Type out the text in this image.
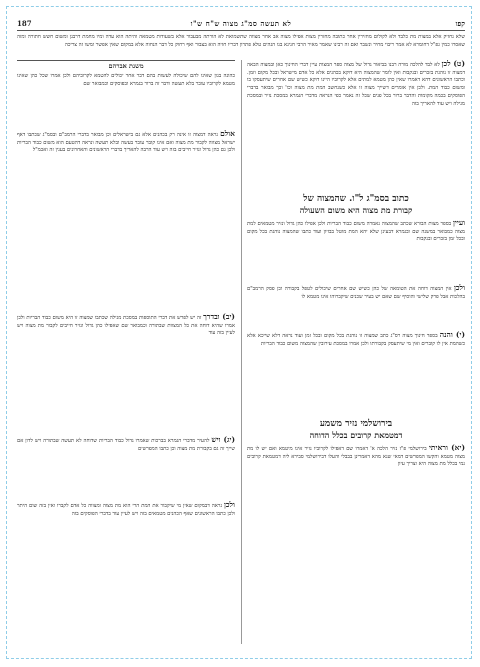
קפו
לא תעשה סמ"ג מצוה ש"ח ש"ו
187
שלא נחזיק אלא במצות מת כלבד ולא לקולום מחזירין אחר כתובה מחזרין מצות אפילו מצוה אב אחר מצווה שתשמואת לא הורתה מבעבור אלא בשעודות מטמאה והיתה הוא עדה ומיו מחמת דרבנן ומשום חשש חתורה ומזה שאסרו כמין גפ"ל דחומרא לא אמר ריבוי מחיר ונשבר ואם זה רבינו שאמר מאיר הרבי חנינא בנו הגהים טלא פתרון דבריו חזיה הוא בצבור ואף רחוק כל דבר הנחוה אלא במקום שאין אפשר ומשו זה צריכה

(ט) לכן לא לבד להלכה מורה רבנו בביאור גדול של מצוה ספר המצות עיין דברי החינוך כאן ובמצוה הבאה דמצוה זו נוהגת בזכרים ובנקבות ואין לומר שהמצוה היא דוקא בכהנים אלא כל אדם מישראל ובכל מקום וזמן. וכתבו הראשונים דהא דאמרו שאין כהן מטמא למתים אלא לקרוביו היינו דוקא כשיש שם אחרים שיתעסקו בו ומשום כבוד המת. ולכן אין אומרים דשייך מצוה זו אלא כשנחשב המת מת מצוה וכו' וכך מבואר בדברי הפוסקים בכמה מקומות והדבר ברור בכל פנים שכל זה נאמר כפי הנראה מדברי הגמרא במסכת נזיר ובמסכת מגילה ויש עוד להאריך בזה

כתוב בסמ"ג ל"ו. שהמצוה של
קבורת מת מצוה היא משום השעולה

ועיין בספר מצות הבורא שכתב שהמצוה נאמרה משום כבוד הבריות ולכן אפילו כהן גדול ונזיר מטמאים למת מצוה כמבואר במשנה שם ובגמרא דבעינן שלא יהא המת מוטל בבזיון ועוד כתבו שהמצוה נוהגת בכל מקום ובכל זמן בזכרים ובנקבות

ולכן אין המצוה דוחה את הטומאה של כהן כשיש שם אחרים שיכולים לטפל בקבורה וכן פסק הרמב"ם בהלכות אבל פרק שלישי והוסיף שם שאם יש בעיר שכנים שיקברוהו אינו מטמא לו

(י) והנה בספר חינוך מצוה רס"ג כתב שמצוה זו נוהגת בכל מקום ובכל זמן ועוד נראה דלא שייכא אלא כשהמת אין לו קוברים ואין מי שיתעסק בקבורתו ולכן אמרו במסכת עירובין שהמצוה משום כבוד הבריות

בירושלמי נזיר משמע
דמטמאת קרובים בכלל הדוחה

(יא) וראיתי בירושלמי פ"ז נזיר הלכה א' דאמרו שם דאפילו לקרוביו נזיר אינו מיטמא ואם יש לו מת מצוה מטמא והקשו המפרשים דמאי שנא מהא דאמרינן בבבלי והעלו דבירושלמי סבירא ליה דמטמאת קרובים נמי בכלל מת מצוה היא וצריך עיון

משנת אברהם

כהונה בגון שאינו להם שיכולה לעשות בהם דבר אחר יכולים להטמא לקרוביהם ולכן אמרו שכל כהן שאינו מטמא לקרוביו עובר בלא תעשה ודבר זה ברור בגמרא ובפוסקים וכמבואר שם

אולם נראה דמצוה זו אינה רק בכהנים אלא גם בישראלים וכן מבואר בדברי הרמב"ם ובסמ"ג שכתבו דאף ישראל מצווה לקבור מת מצוה ואם אינו קובר עובר בעשה ובלא תעשה ונראה דהטעם הוא משום כבוד הבריות ולכן גם כהן גדול ונזיר חייבים בזה ויש עוד הרבה להאריך בדברי הראשונים והאחרונים בענין זה ואכמ"ל

(יב) ובדרך זה יש לפרש את דברי התוספות במסכת מגילה שכתבו שמצוה זו היא משום כבוד הבריות ולכן אמרו שהיא דוחה את כל המצוות שבתורה וכמבואר שם שאפילו כהן גדול ונזיר חייבים לקבור מת מצוה ויש לעיין בזה עוד

(יג) ויש להעיר מדברי הגמרא בברכות שאמרו גדול כבוד הבריות שדוחה לא תעשה שבתורה ויש לדון אם שייך זה גם בקבורת מת מצוה וכן כתבו המפרשים

ולכן נראה דבמקום שאין מי שיקבור את המת הרי הוא מת מצוה ומצווה כל אדם לקברו ואין בזה שום היתר ולכן כתבו הראשונים שאף הכהנים מטמאים בזה ויש לעיין עוד בדברי הפוסקים בזה
